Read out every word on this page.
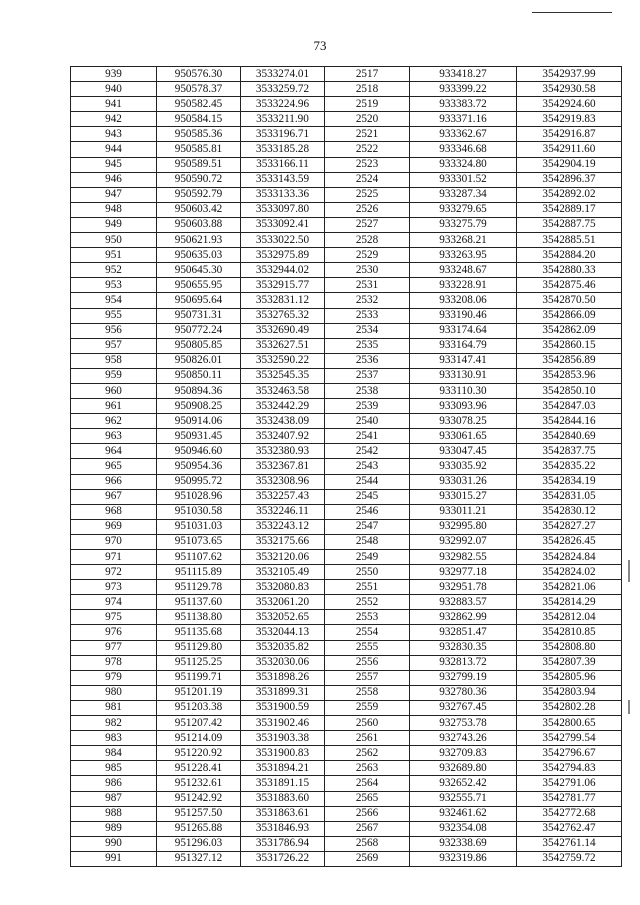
73
939	950576.30	3533274.01	2517	933418.27	3542937.99
940	950578.37	3533259.72	2518	933399.22	3542930.58
941	950582.45	3533224.96	2519	933383.72	3542924.60
942	950584.15	3533211.90	2520	933371.16	3542919.83
943	950585.36	3533196.71	2521	933362.67	3542916.87
944	950585.81	3533185.28	2522	933346.68	3542911.60
945	950589.51	3533166.11	2523	933324.80	3542904.19
946	950590.72	3533143.59	2524	933301.52	3542896.37
947	950592.79	3533133.36	2525	933287.34	3542892.02
948	950603.42	3533097.80	2526	933279.65	3542889.17
949	950603.88	3533092.41	2527	933275.79	3542887.75
950	950621.93	3533022.50	2528	933268.21	3542885.51
951	950635.03	3532975.89	2529	933263.95	3542884.20
952	950645.30	3532944.02	2530	933248.67	3542880.33
953	950655.95	3532915.77	2531	933228.91	3542875.46
954	950695.64	3532831.12	2532	933208.06	3542870.50
955	950731.31	3532765.32	2533	933190.46	3542866.09
956	950772.24	3532690.49	2534	933174.64	3542862.09
957	950805.85	3532627.51	2535	933164.79	3542860.15
958	950826.01	3532590.22	2536	933147.41	3542856.89
959	950850.11	3532545.35	2537	933130.91	3542853.96
960	950894.36	3532463.58	2538	933110.30	3542850.10
961	950908.25	3532442.29	2539	933093.96	3542847.03
962	950914.06	3532438.09	2540	933078.25	3542844.16
963	950931.45	3532407.92	2541	933061.65	3542840.69
964	950946.60	3532380.93	2542	933047.45	3542837.75
965	950954.36	3532367.81	2543	933035.92	3542835.22
966	950995.72	3532308.96	2544	933031.26	3542834.19
967	951028.96	3532257.43	2545	933015.27	3542831.05
968	951030.58	3532246.11	2546	933011.21	3542830.12
969	951031.03	3532243.12	2547	932995.80	3542827.27
970	951073.65	3532175.66	2548	932992.07	3542826.45
971	951107.62	3532120.06	2549	932982.55	3542824.84
972	951115.89	3532105.49	2550	932977.18	3542824.02
973	951129.78	3532080.83	2551	932951.78	3542821.06
974	951137.60	3532061.20	2552	932883.57	3542814.29
975	951138.80	3532052.65	2553	932862.99	3542812.04
976	951135.68	3532044.13	2554	932851.47	3542810.85
977	951129.80	3532035.82	2555	932830.35	3542808.80
978	951125.25	3532030.06	2556	932813.72	3542807.39
979	951199.71	3531898.26	2557	932799.19	3542805.96
980	951201.19	3531899.31	2558	932780.36	3542803.94
981	951203.38	3531900.59	2559	932767.45	3542802.28
982	951207.42	3531902.46	2560	932753.78	3542800.65
983	951214.09	3531903.38	2561	932743.26	3542799.54
984	951220.92	3531900.83	2562	932709.83	3542796.67
985	951228.41	3531894.21	2563	932689.80	3542794.83
986	951232.61	3531891.15	2564	932652.42	3542791.06
987	951242.92	3531883.60	2565	932555.71	3542781.77
988	951257.50	3531863.61	2566	932461.62	3542772.68
989	951265.88	3531846.93	2567	932354.08	3542762.47
990	951296.03	3531786.94	2568	932338.69	3542761.14
991	951327.12	3531726.22	2569	932319.86	3542759.72
